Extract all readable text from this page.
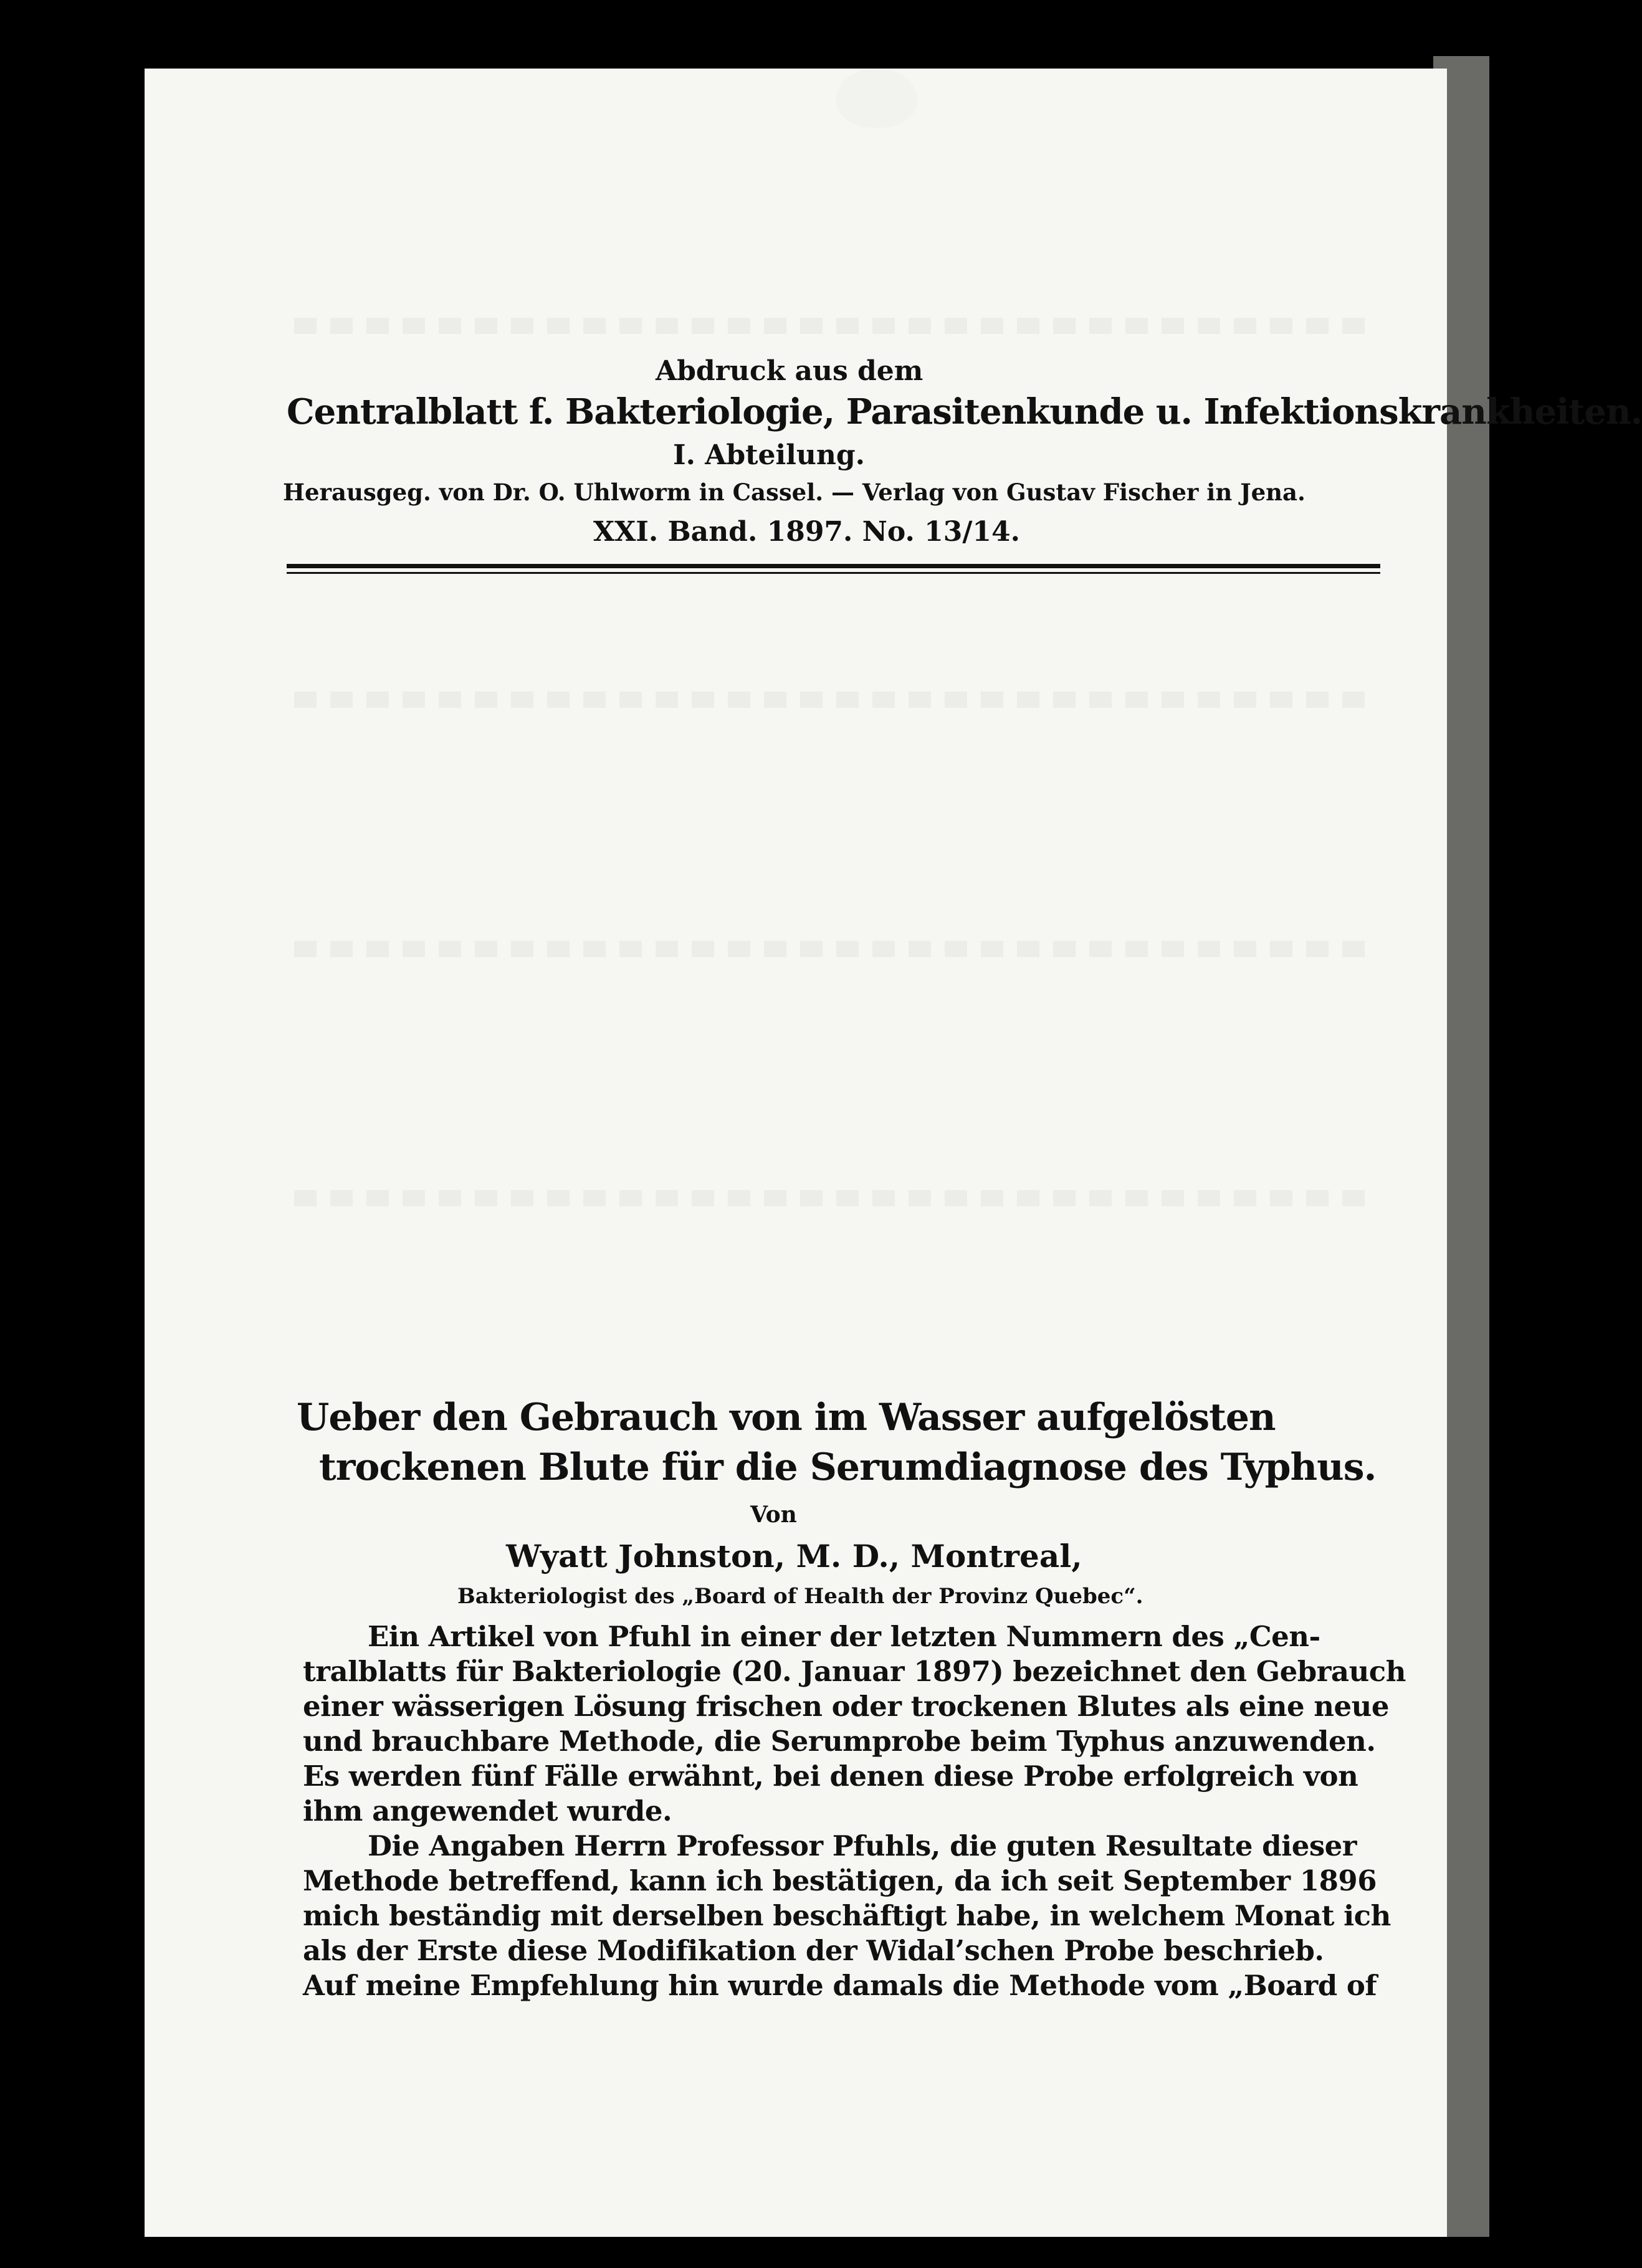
Abdruck aus dem
Centralblatt f. Bakteriologie, Parasitenkunde u. Infektionskrankheiten.
I. Abteilung.
Herausgeg. von Dr. O. Uhlworm in Cassel. — Verlag von Gustav Fischer in Jena.
XXI. Band. 1897. No. 13/14.
Ueber den Gebrauch von im Wasser aufgelösten
trockenen Blute für die Serumdiagnose des Typhus.
Von
Wyatt Johnston, M. D., Montreal,
Bakteriologist des „Board of Health der Provinz Quebec“.
Ein Artikel von Pfuhl in einer der letzten Nummern des „Cen-
tralblatts für Bakteriologie (20. Januar 1897) bezeichnet den Gebrauch
einer wässerigen Lösung frischen oder trockenen Blutes als eine neue
und brauchbare Methode, die Serumprobe beim Typhus anzuwenden.
Es werden fünf Fälle erwähnt, bei denen diese Probe erfolgreich von
ihm angewendet wurde.
Die Angaben Herrn Professor Pfuhls, die guten Resultate dieser
Methode betreffend, kann ich bestätigen, da ich seit September 1896
mich beständig mit derselben beschäftigt habe, in welchem Monat ich
als der Erste diese Modifikation der Widal’schen Probe beschrieb.
Auf meine Empfehlung hin wurde damals die Methode vom „Board of
